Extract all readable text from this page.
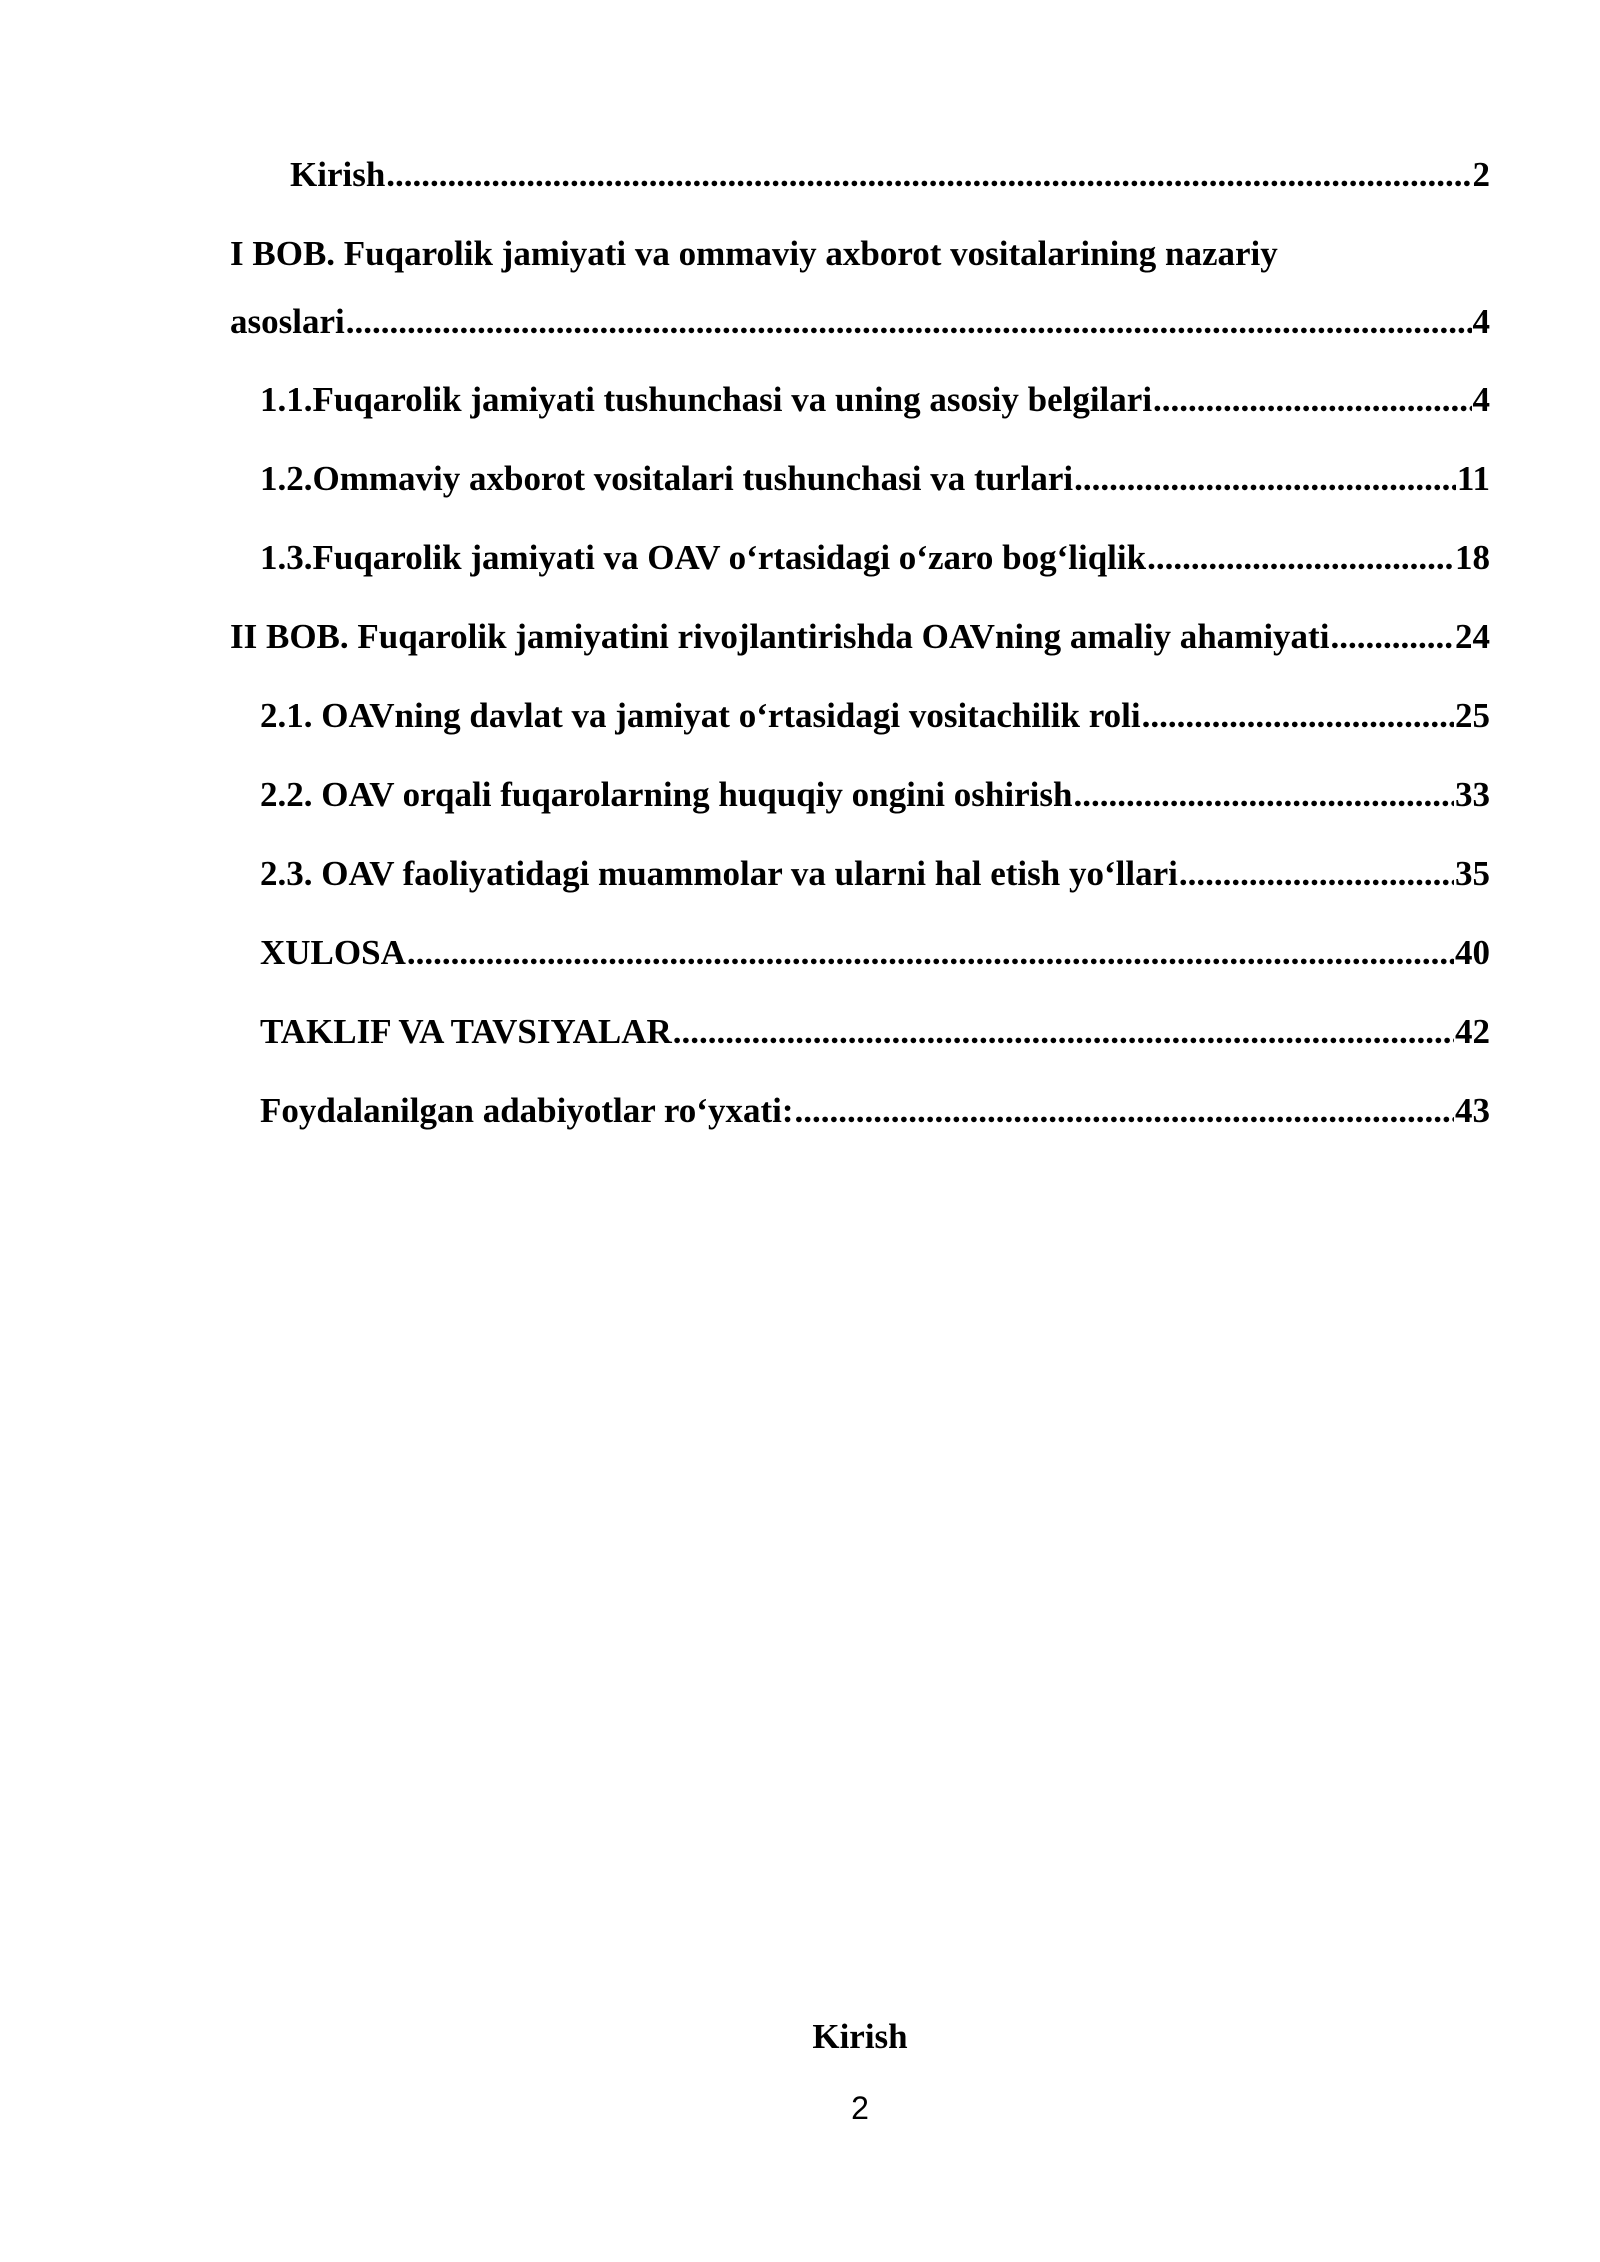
Kirish .....	2
I BOB. Fuqarolik jamiyati va ommaviy axborot vositalarining nazariy
asoslari .....	4
1.1.Fuqarolik jamiyati tushunchasi va uning asosiy belgilari .....	4
1.2.Ommaviy axborot vositalari tushunchasi va turlari .....	11
1.3.Fuqarolik jamiyati va OAV o‘rtasidagi o‘zaro bog‘liqlik .....	18
II BOB. Fuqarolik jamiyatini rivojlantirishda OAVning amaliy ahamiyati .....	24
2.1. OAVning davlat va jamiyat o‘rtasidagi vositachilik roli .....	25
2.2. OAV orqali fuqarolarning huquqiy ongini oshirish .....	33
2.3. OAV faoliyatidagi muammolar va ularni hal etish yo‘llari .....	35
XULOSA .....	40
TAKLIF VA TAVSIYALAR .....	42
Foydalanilgan adabiyotlar ro‘yxati: .....	43
Kirish
2
